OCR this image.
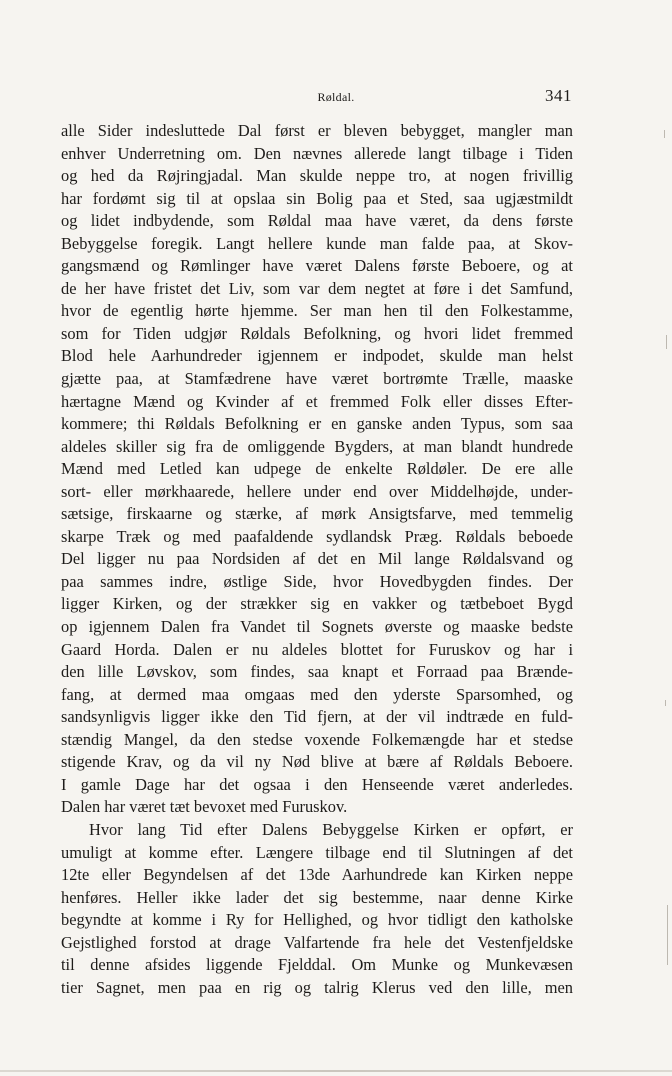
Røldal.	341
alle Sider indesluttede Dal først er bleven bebygget, mangler man
enhver Underretning om. Den nævnes allerede langt tilbage i Tiden
og hed da Røjringjadal. Man skulde neppe tro, at nogen frivillig
har fordømt sig til at opslaa sin Bolig paa et Sted, saa ugjæstmildt
og lidet indbydende, som Røldal maa have været, da dens første
Bebyggelse foregik. Langt hellere kunde man falde paa, at Skov-
gangsmænd og Rømlinger have været Dalens første Beboere, og at
de her have fristet det Liv, som var dem negtet at føre i det Samfund,
hvor de egentlig hørte hjemme. Ser man hen til den Folkestamme,
som for Tiden udgjør Røldals Befolkning, og hvori lidet fremmed
Blod hele Aarhundreder igjennem er indpodet, skulde man helst
gjætte paa, at Stamfædrene have været bortrømte Trælle, maaske
hærtagne Mænd og Kvinder af et fremmed Folk eller disses Efter-
kommere; thi Røldals Befolkning er en ganske anden Typus, som saa
aldeles skiller sig fra de omliggende Bygders, at man blandt hundrede
Mænd med Letled kan udpege de enkelte Røldøler. De ere alle
sort- eller mørkhaarede, hellere under end over Middelhøjde, under-
sætsige, firskaarne og stærke, af mørk Ansigtsfarve, med temmelig
skarpe Træk og med paafaldende sydlandsk Præg. Røldals beboede
Del ligger nu paa Nordsiden af det en Mil lange Røldalsvand og
paa sammes indre, østlige Side, hvor Hovedbygden findes. Der
ligger Kirken, og der strækker sig en vakker og tætbeboet Bygd
op igjennem Dalen fra Vandet til Sognets øverste og maaske bedste
Gaard Horda. Dalen er nu aldeles blottet for Furuskov og har i
den lille Løvskov, som findes, saa knapt et Forraad paa Brænde-
fang, at dermed maa omgaas med den yderste Sparsomhed, og
sandsynligvis ligger ikke den Tid fjern, at der vil indtræde en fuld-
stændig Mangel, da den stedse voxende Folkemængde har et stedse
stigende Krav, og da vil ny Nød blive at bære af Røldals Beboere.
I gamle Dage har det ogsaa i den Henseende været anderledes.
Dalen har været tæt bevoxet med Furuskov.
Hvor lang Tid efter Dalens Bebyggelse Kirken er opført, er
umuligt at komme efter. Længere tilbage end til Slutningen af det
12te eller Begyndelsen af det 13de Aarhundrede kan Kirken neppe
henføres. Heller ikke lader det sig bestemme, naar denne Kirke
begyndte at komme i Ry for Hellighed, og hvor tidligt den katholske
Gejstlighed forstod at drage Valfartende fra hele det Vestenfjeldske
til denne afsides liggende Fjelddal. Om Munke og Munkevæsen
tier Sagnet, men paa en rig og talrig Klerus ved den lille, men
